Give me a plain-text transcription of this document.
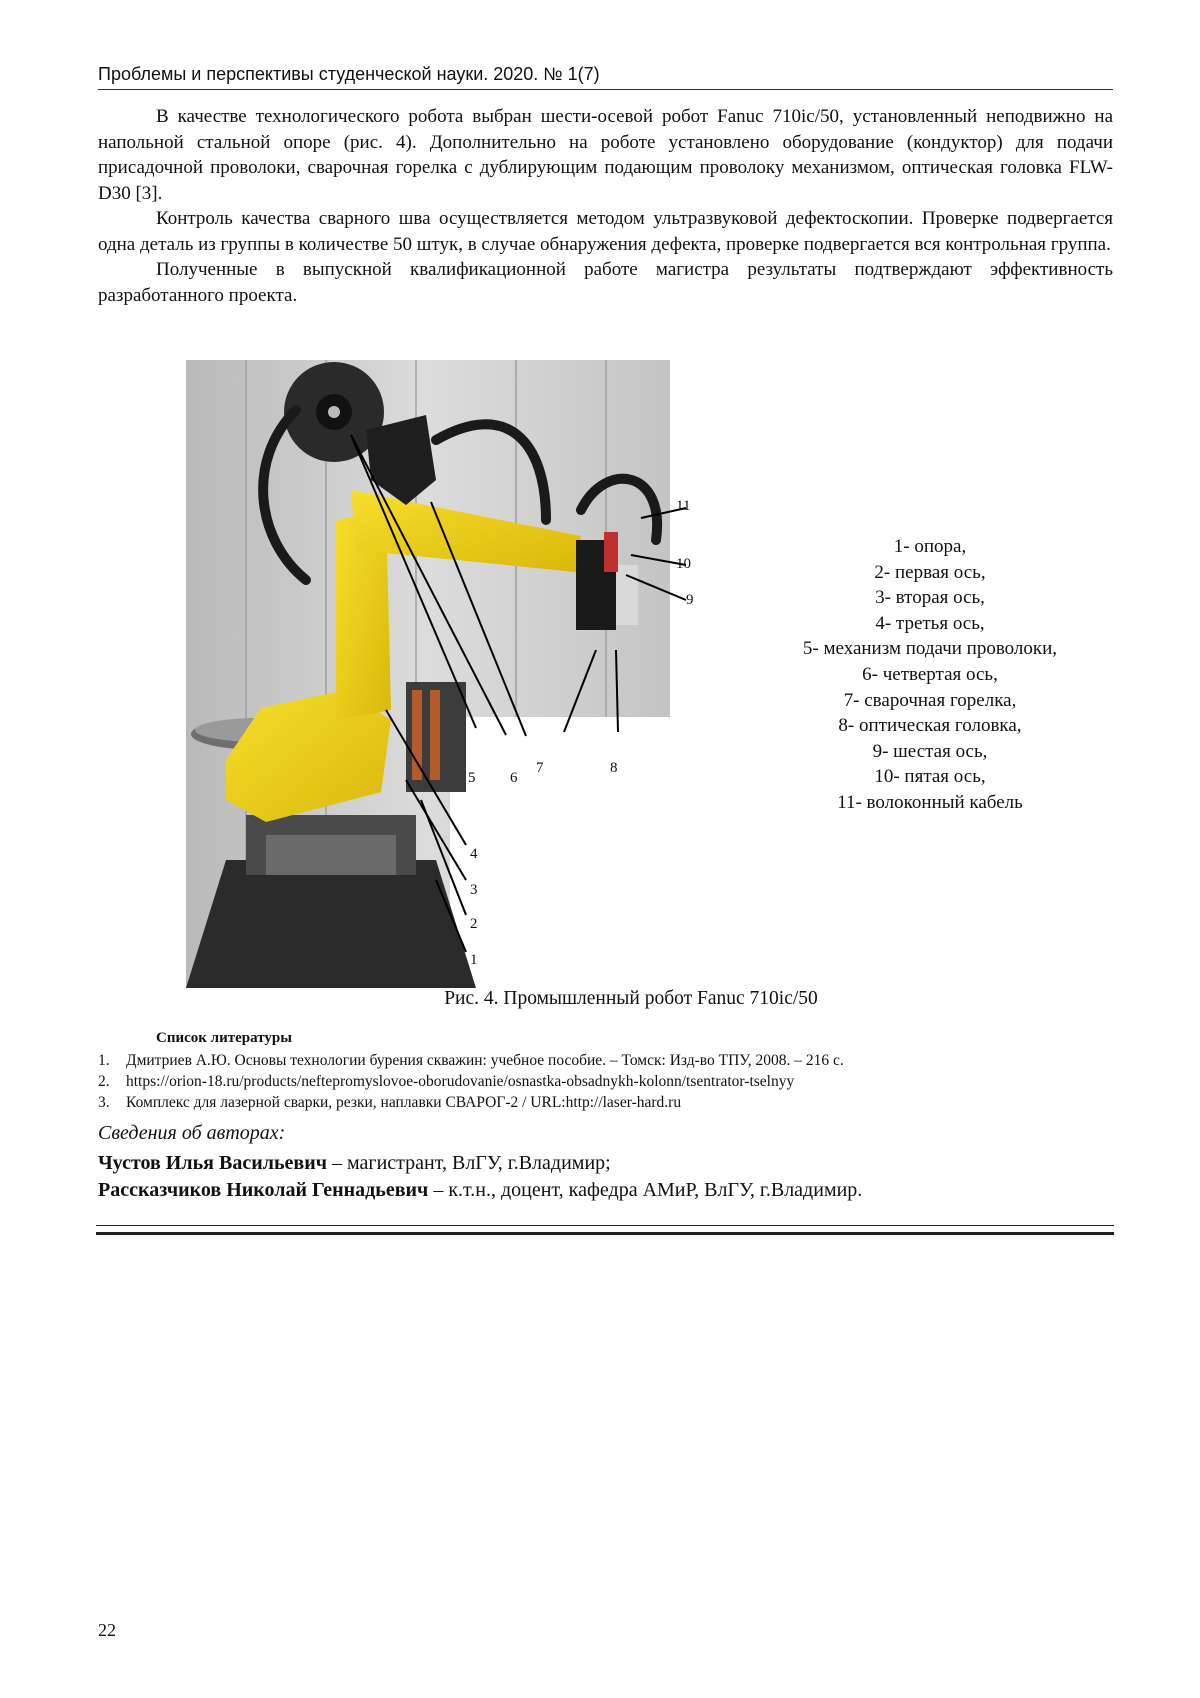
Проблемы и перспективы студенческой науки. 2020. № 1(7)

В качестве технологического робота выбран шести-осевой робот Fanuc 710ic/50, установленный неподвижно на напольной стальной опоре (рис. 4). Дополнительно на роботе установлено оборудование (кондуктор) для подачи присадочной проволоки, сварочная горелка с дублирующим подающим проволоку механизмом, оптическая головка FLW-D30 [3].

Контроль качества сварного шва осуществляется методом ультразвуковой дефектоскопии. Проверке подвергается одна деталь из группы в количестве 50 штук, в случае обнаружения дефекта, проверке подвергается вся контрольная группа.

Полученные в выпускной квалификационной работе магистра результаты подтверждают эффективность разработанного проекта.

1
2
3
4
5 6
7	8
9
10
11
1- опора,
2- первая ось,
3- вторая ось,
4- третья ось,
5- механизм подачи проволоки,
6- четвертая ось,
7- сварочная горелка,
8- оптическая головка,
9- шестая ось,
10- пятая ось,
11- волоконный кабель
Рис. 4. Промышленный робот Fanuc 710ic/50
Список литературы
1.	Дмитриев А.Ю. Основы технологии бурения скважин: учебное пособие. – Томск: Изд-во ТПУ, 2008. – 216 с.
2.	https://orion-18.ru/products/neftepromyslovoe-oborudovanie/osnastka-obsadnykh-kolonn/tsentrator-tselnyy
3.	Комплекс для лазерной сварки, резки, наплавки СВАРОГ-2 / URL:http://laser-hard.ru
Сведения об авторах:
Чустов Илья Васильевич – магистрант, ВлГУ, г.Владимир;
Рассказчиков Николай Геннадьевич – к.т.н., доцент, кафедра АМиР, ВлГУ, г.Владимир.
22
